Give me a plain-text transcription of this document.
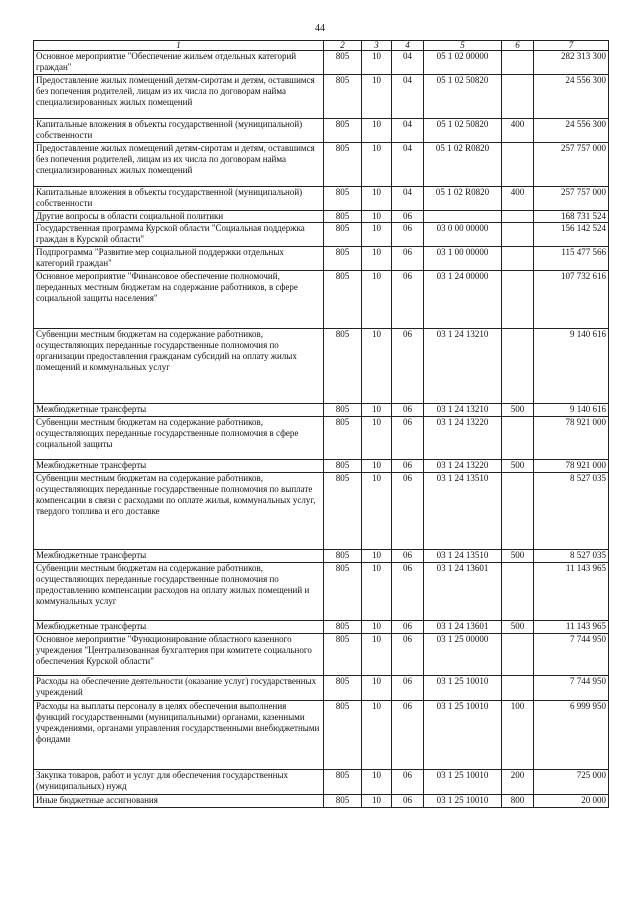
44
1	2	3	4	5	6	7
Основное мероприятие "Обеспечение жильем отдельных категорий граждан"	805	10	04	05 1 02 00000		282 313 300
Предоставление жилых помещений детям-сиротам и детям, оставшимся без попечения родителей, лицам из их числа по договорам найма специализированных жилых помещений	805	10	04	05 1 02 50820		24 556 300
Капитальные вложения в объекты государственной (муниципальной) собственности	805	10	04	05 1 02 50820	400	24 556 300
Предоставление жилых помещений детям-сиротам и детям, оставшимся без попечения родителей, лицам из их числа по договорам найма специализированных жилых помещений	805	10	04	05 1 02 R0820		257 757 000
Капитальные вложения в объекты государственной (муниципальной) собственности	805	10	04	05 1 02 R0820	400	257 757 000
Другие вопросы в области социальной политики	805	10	06			168 731 524
Государственная программа Курской области "Социальная поддержка граждан в Курской области"	805	10	06	03 0 00 00000		156 142 524
Подпрограмма "Развитие мер социальной поддержки отдельных категорий граждан"	805	10	06	03 1 00 00000		115 477 566
Основное мероприятие "Финансовое обеспечение полномочий, переданных местным бюджетам на содержание работников, в сфере социальной защиты населения"	805	10	06	03 1 24 00000		107 732 616
Субвенции местным бюджетам на содержание работников, осуществляющих переданные государственные полномочия по организации предоставления гражданам субсидий на оплату жилых помещений и коммунальных услуг	805	10	06	03 1 24 13210		9 140 616
Межбюджетные трансферты	805	10	06	03 1 24 13210	500	9 140 616
Субвенции местным бюджетам на содержание работников, осуществляющих переданные государственные полномочия в сфере социальной защиты	805	10	06	03 1 24 13220		78 921 000
Межбюджетные трансферты	805	10	06	03 1 24 13220	500	78 921 000
Субвенции местным бюджетам на содержание работников, осуществляющих переданные государственные полномочия по выплате компенсации в связи с расходами по оплате жилья, коммунальных услуг, твердого топлива и его доставке	805	10	06	03 1 24 13510		8 527 035
Межбюджетные трансферты	805	10	06	03 1 24 13510	500	8 527 035
Субвенции местным бюджетам на содержание работников, осуществляющих переданные государственные полномочия по предоставлению компенсации расходов на оплату жилых помещений и коммунальных услуг	805	10	06	03 1 24 13601		11 143 965
Межбюджетные трансферты	805	10	06	03 1 24 13601	500	11 143 965
Основное мероприятие "Функционирование областного казенного учреждения "Централизованная бухгалтерия при комитете социального обеспечения Курской области"	805	10	06	03 1 25 00000		7 744 950
Расходы на обеспечение деятельности (оказание услуг) государственных учреждений	805	10	06	03 1 25 10010		7 744 950
Расходы на выплаты персоналу в целях обеспечения выполнения функций государственными (муниципальными) органами, казенными учреждениями, органами управления государственными внебюджетными фондами	805	10	06	03 1 25 10010	100	6 999 950
Закупка товаров, работ и услуг для обеспечения государственных (муниципальных) нужд	805	10	06	03 1 25 10010	200	725 000
Иные бюджетные ассигнования	805	10	06	03 1 25 10010	800	20 000
